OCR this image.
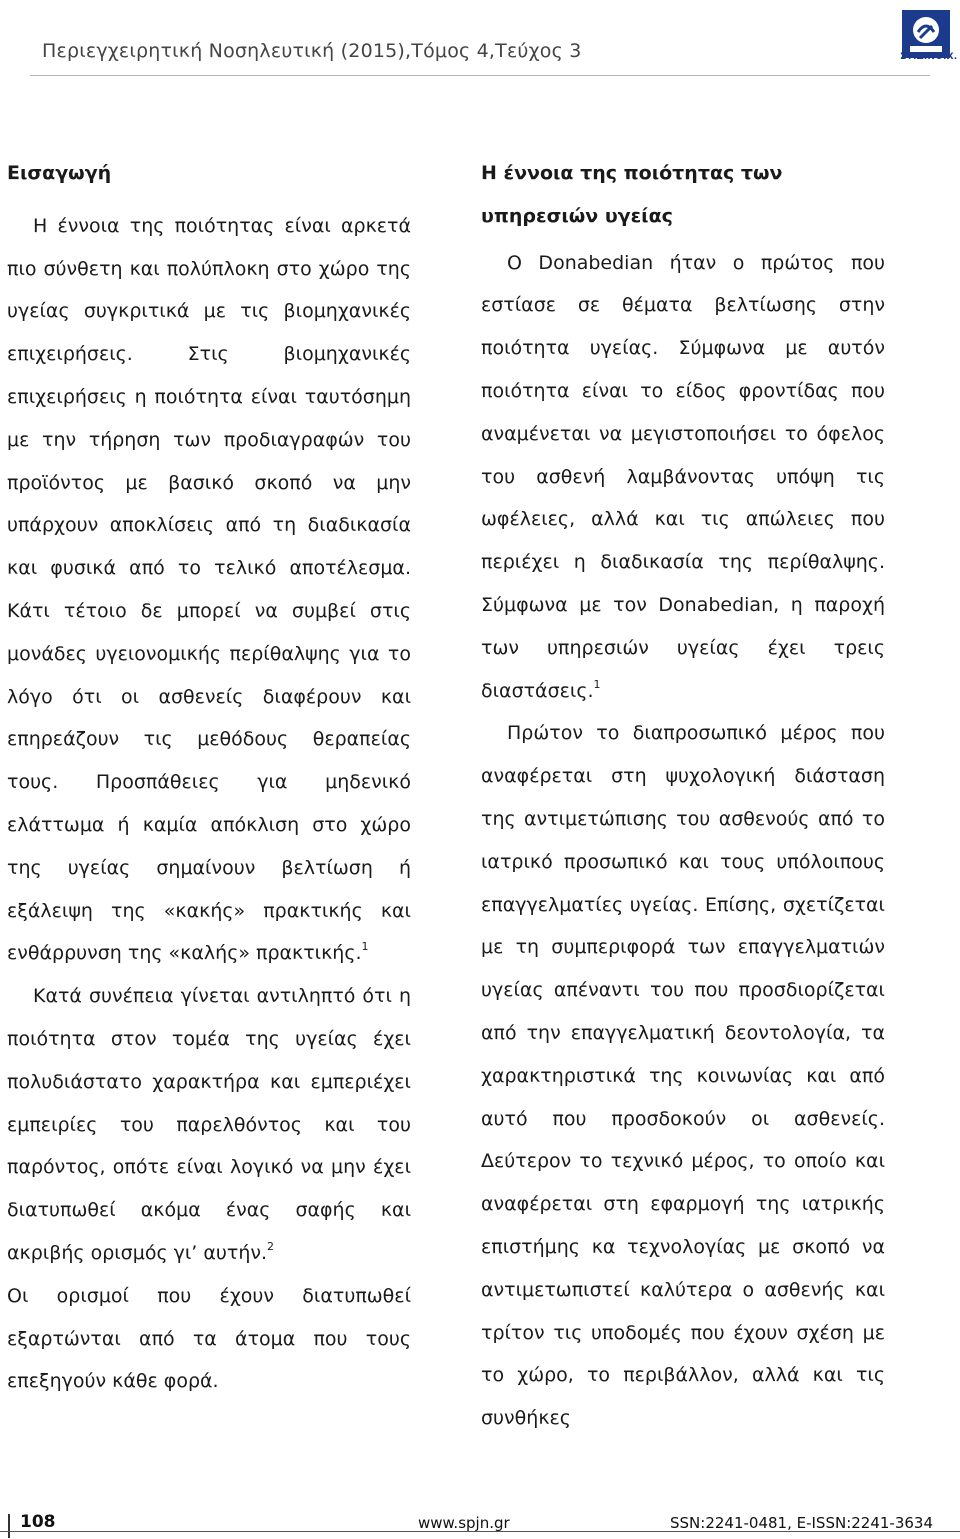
Περιεγχειρητική Νοσηλευτική (2015),Τόμος 4,Τεύχος 3	ΣΥ.Δ.ΝΟ.Χ.
Εισαγωγή

Η έννοια της ποιότητας είναι αρκετά πιο σύνθετη και πολύπλοκη στο χώρο της υγείας συγκριτικά με τις βιομηχανικές επιχειρήσεις. Στις βιομηχανικές επιχειρήσεις η ποιότητα είναι ταυτόσημη με την τήρηση των προδιαγραφών του προϊόντος με βασικό σκοπό να μην υπάρχουν αποκλίσεις από τη διαδικασία και φυσικά από το τελικό αποτέλεσμα. Κάτι τέτοιο δε μπορεί να συμβεί στις μονάδες υγειονομικής περίθαλψης για το λόγο ότι οι ασθενείς διαφέρουν και επηρεάζουν τις μεθόδους θεραπείας τους. Προσπάθειες για μηδενικό ελάττωμα ή καμία απόκλιση στο χώρο της υγείας σημαίνουν βελτίωση ή εξάλειψη της «κακής» πρακτικής και ενθάρρυνση της «καλής» πρακτικής.$^1$

Κατά συνέπεια γίνεται αντιληπτό ότι η ποιότητα στον τομέα της υγείας έχει πολυδιάστατο χαρακτήρα και εμπεριέχει εμπειρίες του παρελθόντος και του παρόντος, οπότε είναι λογικό να μην έχει διατυπωθεί ακόμα ένας σαφής και ακριβής ορισμός γι’ αυτήν.$^2$

Οι ορισμοί που έχουν διατυπωθεί εξαρτώνται από τα άτομα που τους επεξηγούν κάθε φορά.

Η έννοια της ποιότητας των υπηρεσιών υγείας

Ο Donabedian ήταν ο πρώτος που εστίασε σε θέματα βελτίωσης στην ποιότητα υγείας. Σύμφωνα με αυτόν ποιότητα είναι το είδος φροντίδας που αναμένεται να μεγιστοποιήσει το όφελος του ασθενή λαμβάνοντας υπόψη τις ωφέλειες, αλλά και τις απώλειες που περιέχει η διαδικασία της περίθαλψης. Σύμφωνα με τον Donabedian, η παροχή των υπηρεσιών υγείας έχει τρεις διαστάσεις.$^1$

Πρώτον το διαπροσωπικό μέρος που αναφέρεται στη ψυχολογική διάσταση της αντιμετώπισης του ασθενούς από το ιατρικό προσωπικό και τους υπόλοιπους επαγγελματίες υγείας. Επίσης, σχετίζεται με τη συμπεριφορά των επαγγελματιών υγείας απέναντι του που προσδιορίζεται από την επαγγελματική δεοντολογία, τα χαρακτηριστικά της κοινωνίας και από αυτό που προσδοκούν οι ασθενείς. Δεύτερον το τεχνικό μέρος, το οποίο και αναφέρεται στη εφαρμογή της ιατρικής επιστήμης κα τεχνολογίας με σκοπό να αντιμετωπιστεί καλύτερα ο ασθενής και τρίτον τις υποδομές που έχουν σχέση με το χώρο, το περιβάλλον, αλλά και τις συνθήκες

108	www.spjn.gr	SSN:2241-0481, E-ISSN:2241-3634
